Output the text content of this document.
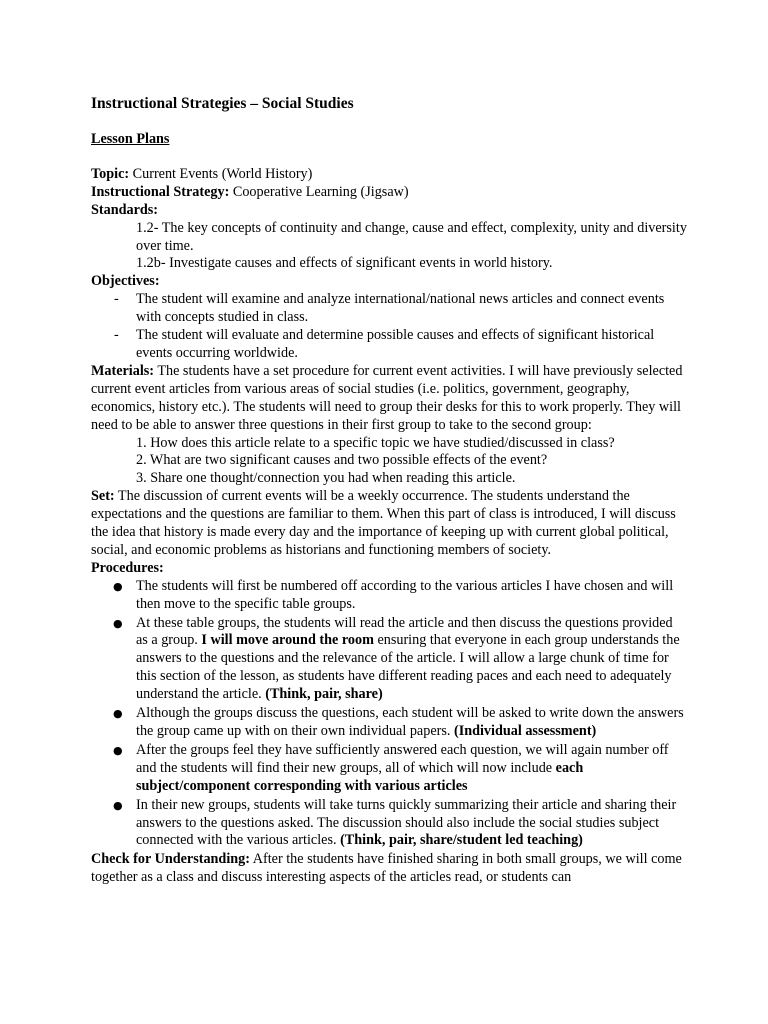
Instructional Strategies – Social Studies
Lesson Plans

Topic: Current Events (World History)

Instructional Strategy: Cooperative Learning (Jigsaw)

Standards:

1.2- The key concepts of continuity and change, cause and effect, complexity, unity and diversity over time.

1.2b- Investigate causes and effects of significant events in world history.

Objectives:

- The student will examine and analyze international/national news articles and connect events with concepts studied in class.
- The student will evaluate and determine possible causes and effects of significant historical events occurring worldwide.

Materials: The students have a set procedure for current event activities. I will have previously selected current event articles from various areas of social studies (i.e. politics, government, geography, economics, history etc.). The students will need to group their desks for this to work properly. They will need to be able to answer three questions in their first group to take to the second group:

1. How does this article relate to a specific topic we have studied/discussed in class?

2. What are two significant causes and two possible effects of the event?

3. Share one thought/connection you had when reading this article.

Set: The discussion of current events will be a weekly occurrence. The students understand the expectations and the questions are familiar to them. When this part of class is introduced, I will discuss the idea that history is made every day and the importance of keeping up with current global political, social, and economic problems as historians and functioning members of society.

Procedures:

● The students will first be numbered off according to the various articles I have chosen and will then move to the specific table groups.
● At these table groups, the students will read the article and then discuss the questions provided as a group. I will move around the room ensuring that everyone in each group understands the answers to the questions and the relevance of the article. I will allow a large chunk of time for this section of the lesson, as students have different reading paces and each need to adequately understand the article. (Think, pair, share)
● Although the groups discuss the questions, each student will be asked to write down the answers the group came up with on their own individual papers. (Individual assessment)
● After the groups feel they have sufficiently answered each question, we will again number off and the students will find their new groups, all of which will now include each subject/component corresponding with various articles
● In their new groups, students will take turns quickly summarizing their article and sharing their answers to the questions asked. The discussion should also include the social studies subject connected with the various articles. (Think, pair, share/student led teaching)

Check for Understanding: After the students have finished sharing in both small groups, we will come together as a class and discuss interesting aspects of the articles read, or students can
